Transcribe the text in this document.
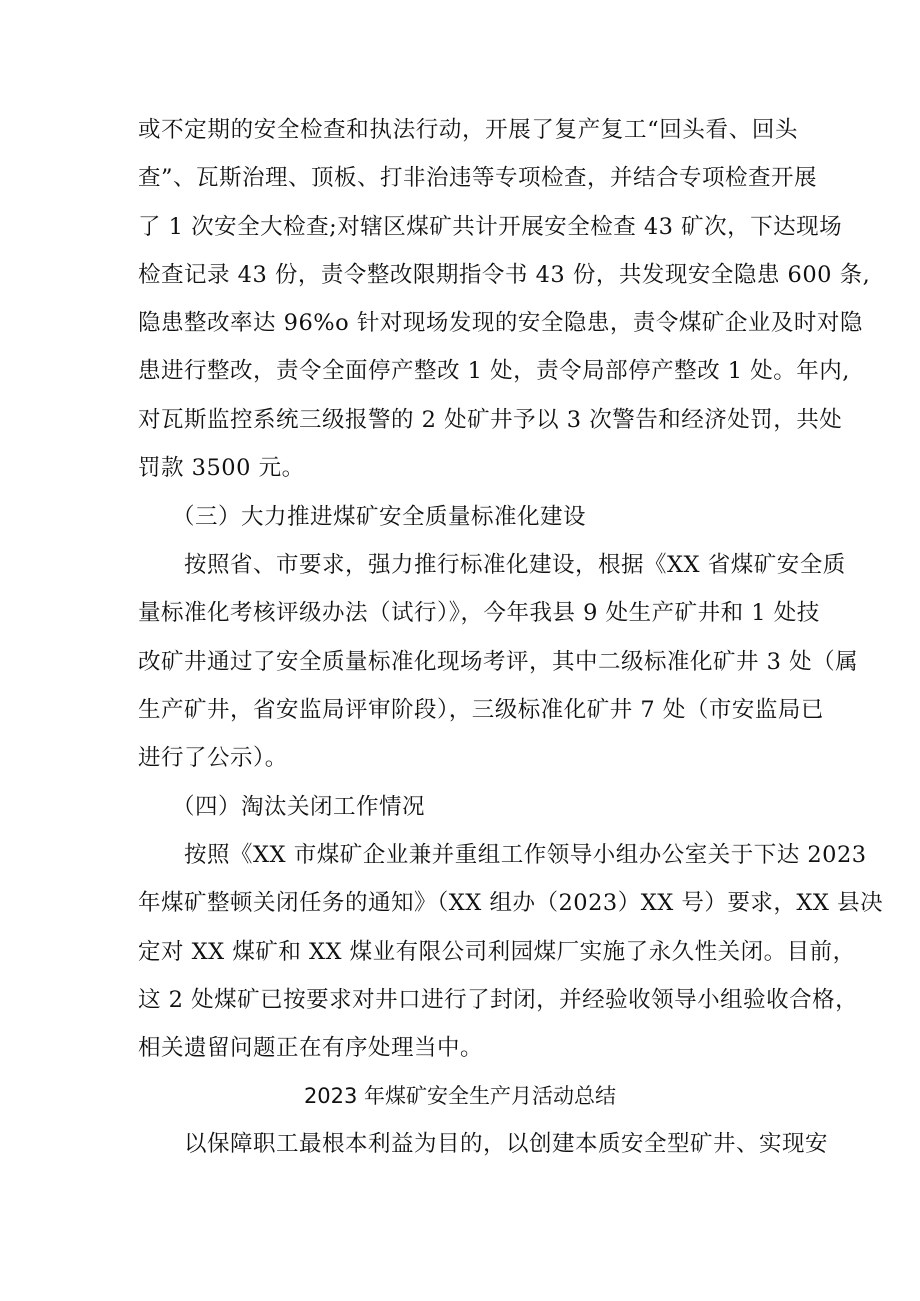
或不定期的安全检查和执法行动，开展了复产复工“回头看、回头
查”、瓦斯治理、顶板、打非治违等专项检查，并结合专项检查开展
了 1 次安全大检查;对辖区煤矿共计开展安全检查 43 矿次，下达现场
检查记录 43 份，责令整改限期指令书 43 份，共发现安全隐患 600 条,
隐患整改率达 96%o 针对现场发现的安全隐患，责令煤矿企业及时对隐
患进行整改，责令全面停产整改 1 处，责令局部停产整改 1 处。年内,
对瓦斯监控系统三级报警的 2 处矿井予以 3 次警告和经济处罚，共处
罚款 3500 元。
（三）大力推进煤矿安全质量标准化建设
按照省、市要求，强力推行标准化建设，根据《XX 省煤矿安全质
量标准化考核评级办法（试行）》，今年我县 9 处生产矿井和 1 处技
改矿井通过了安全质量标准化现场考评，其中二级标准化矿井 3 处（属
生产矿井，省安监局评审阶段），三级标准化矿井 7 处（市安监局已
进行了公示）。
（四）淘汰关闭工作情况
按照《XX 市煤矿企业兼并重组工作领导小组办公室关于下达 2023
年煤矿整顿关闭任务的通知》（XX 组办（2023）XX 号）要求，XX 县决
定对 XX 煤矿和 XX 煤业有限公司利园煤厂实施了永久性关闭。目前，
这 2 处煤矿已按要求对井口进行了封闭，并经验收领导小组验收合格，
相关遗留问题正在有序处理当中。
2023 年煤矿安全生产月活动总结
以保障职工最根本利益为目的，以创建本质安全型矿井、实现安
